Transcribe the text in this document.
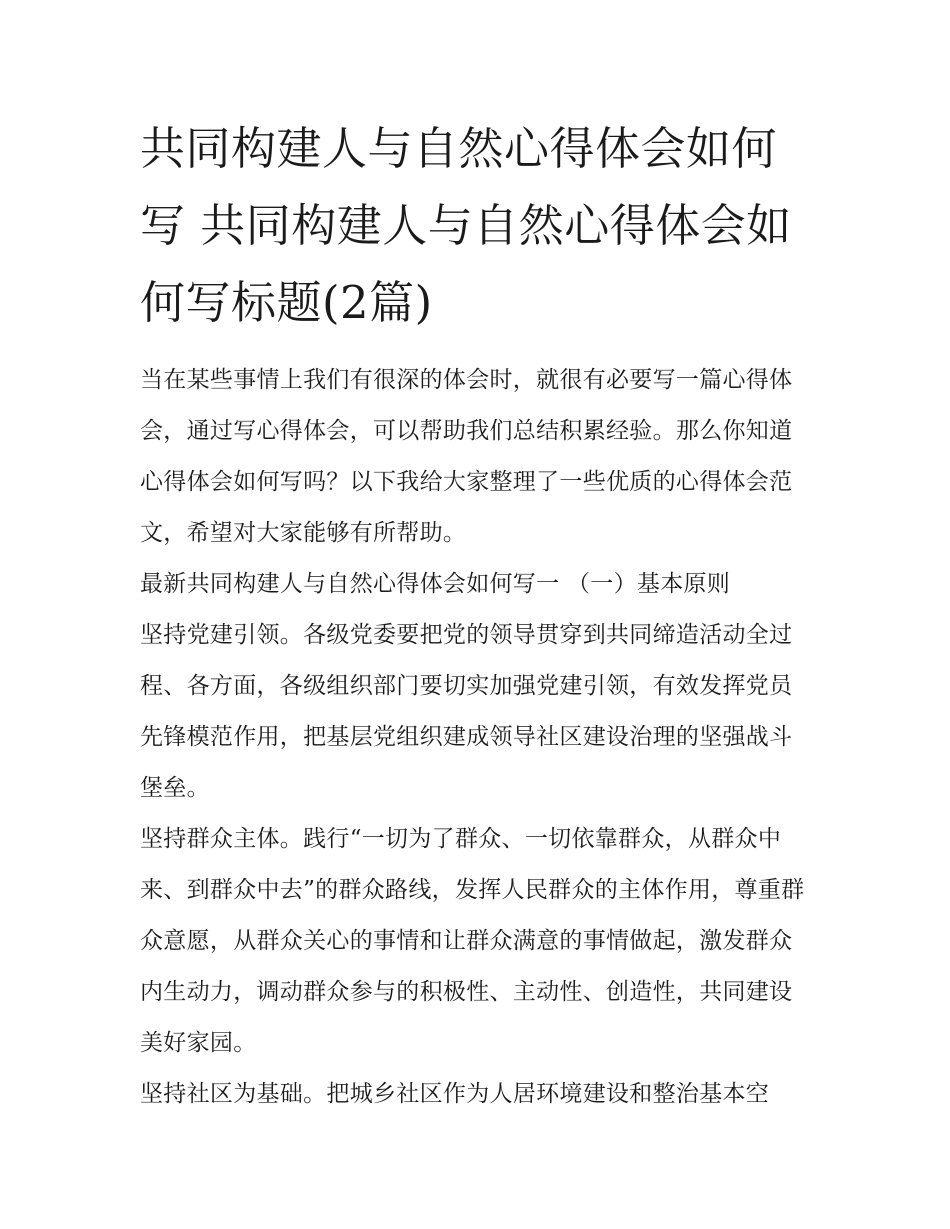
共同构建人与自然心得体会如何写 共同构建人与自然心得体会如何写标题(2篇)

当在某些事情上我们有很深的体会时，就很有必要写一篇心得体会，通过写心得体会，可以帮助我们总结积累经验。那么你知道心得体会如何写吗？以下我给大家整理了一些优质的心得体会范文，希望对大家能够有所帮助。

最新共同构建人与自然心得体会如何写一 （一）基本原则

坚持党建引领。各级党委要把党的领导贯穿到共同缔造活动全过程、各方面，各级组织部门要切实加强党建引领，有效发挥党员先锋模范作用，把基层党组织建成领导社区建设治理的坚强战斗堡垒。

坚持群众主体。践行“一切为了群众、一切依靠群众，从群众中来、到群众中去”的群众路线，发挥人民群众的主体作用，尊重群众意愿，从群众关心的事情和让群众满意的事情做起，激发群众内生动力，调动群众参与的积极性、主动性、创造性，共同建设美好家园。

坚持社区为基础。把城乡社区作为人居环境建设和整治基本空
